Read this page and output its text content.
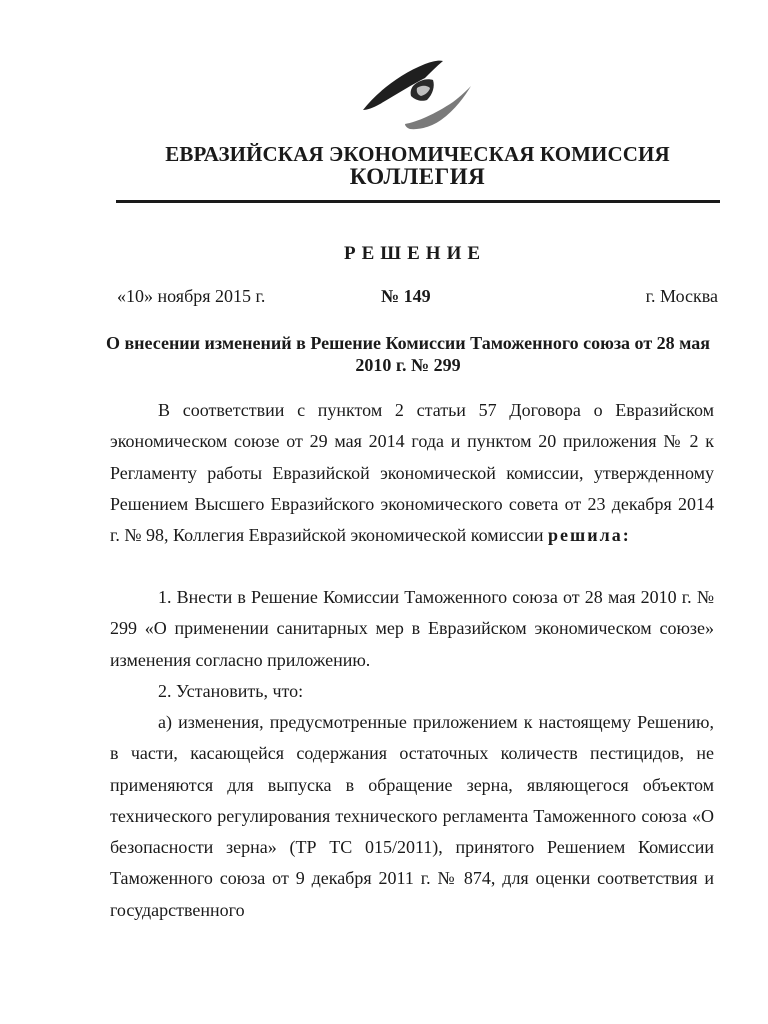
ЕВРАЗИЙСКАЯ ЭКОНОМИЧЕСКАЯ КОМИССИЯ
КОЛЛЕГИЯ
РЕШЕНИЕ
«10» ноября 2015 г.	№ 149	г. Москва
О внесении изменений в Решение Комиссии Таможенного союза от 28 мая 2010 г. № 299

В соответствии с пунктом 2 статьи 57 Договора о Евразийском экономическом союзе от 29 мая 2014 года и пунктом 20 приложения № 2 к Регламенту работы Евразийской экономической комиссии, утвержденному Решением Высшего Евразийского экономического совета от 23 декабря 2014 г. № 98, Коллегия Евразийской экономической комиссии решила:

1. Внести в Решение Комиссии Таможенного союза от 28 мая 2010 г. № 299 «О применении санитарных мер в Евразийском экономическом союзе» изменения согласно приложению.

2. Установить, что:

а) изменения, предусмотренные приложением к настоящему Решению, в части, касающейся содержания остаточных количеств пестицидов, не применяются для выпуска в обращение зерна, являющегося объектом технического регулирования технического регламента Таможенного союза «О безопасности зерна» (ТР ТС 015/2011), принятого Решением Комиссии Таможенного союза от 9 декабря 2011 г. № 874, для оценки соответствия и государственного
